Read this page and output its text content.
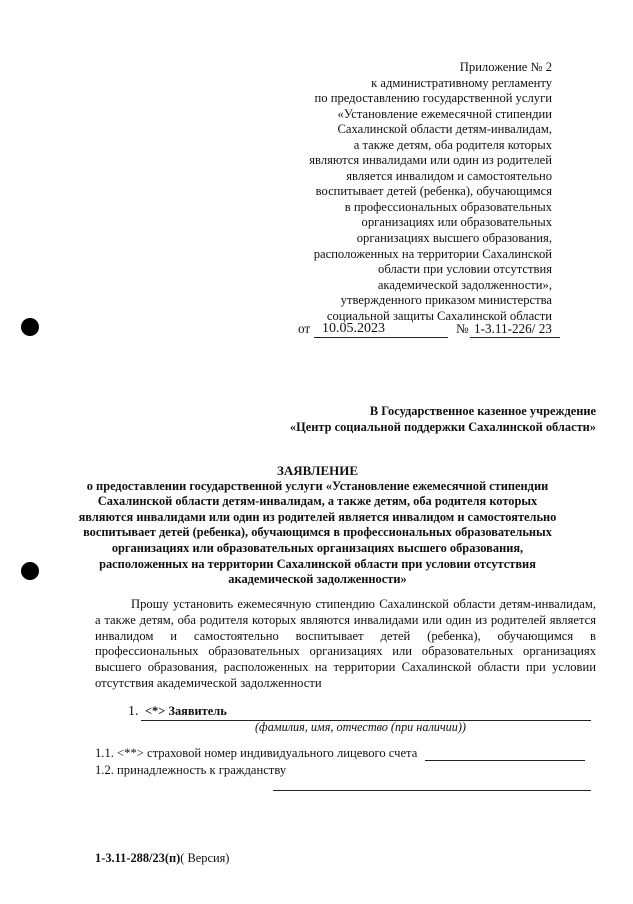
Приложение № 2
к административному регламенту
по предоставлению государственной услуги
«Установление ежемесячной стипендии
Сахалинской области детям-инвалидам,
а также детям, оба родителя которых
являются инвалидами или один из родителей
является инвалидом и самостоятельно
воспитывает детей (ребенка), обучающимся
в профессиональных образовательных
организациях или образовательных
организациях высшего образования,
расположенных на территории Сахалинской
области при условии отсутствия
академической задолженности»,
утвержденного приказом министерства
социальной защиты Сахалинской области
от 10.05.2023	№ 1-3.11-226/ 23
В Государственное казенное учреждение
«Центр социальной поддержки Сахалинской области»
ЗАЯВЛЕНИЕ
о предоставлении государственной услуги «Установление ежемесячной стипендии
Сахалинской области детям-инвалидам, а также детям, оба родителя которых
являются инвалидами или один из родителей является инвалидом и самостоятельно
воспитывает детей (ребенка), обучающимся в профессиональных образовательных
организациях или образовательных организациях высшего образования,
расположенных на территории Сахалинской области при условии отсутствия
академической задолженности»
Прошу установить ежемесячную стипендию Сахалинской области детям-инвалидам, а также детям, оба родителя которых являются инвалидами или один из родителей является инвалидом и самостоятельно воспитывает детей (ребенка), обучающимся в профессиональных образовательных организациях или образовательных организациях высшего образования, расположенных на территории Сахалинской области при условии отсутствия академической задолженности
1. <*> Заявитель
(фамилия, имя, отчество (при наличии))
1.1. <**> страховой номер индивидуального лицевого счета
1.2. принадлежность к гражданству
1-3.11-288/23(п)( Версия)
